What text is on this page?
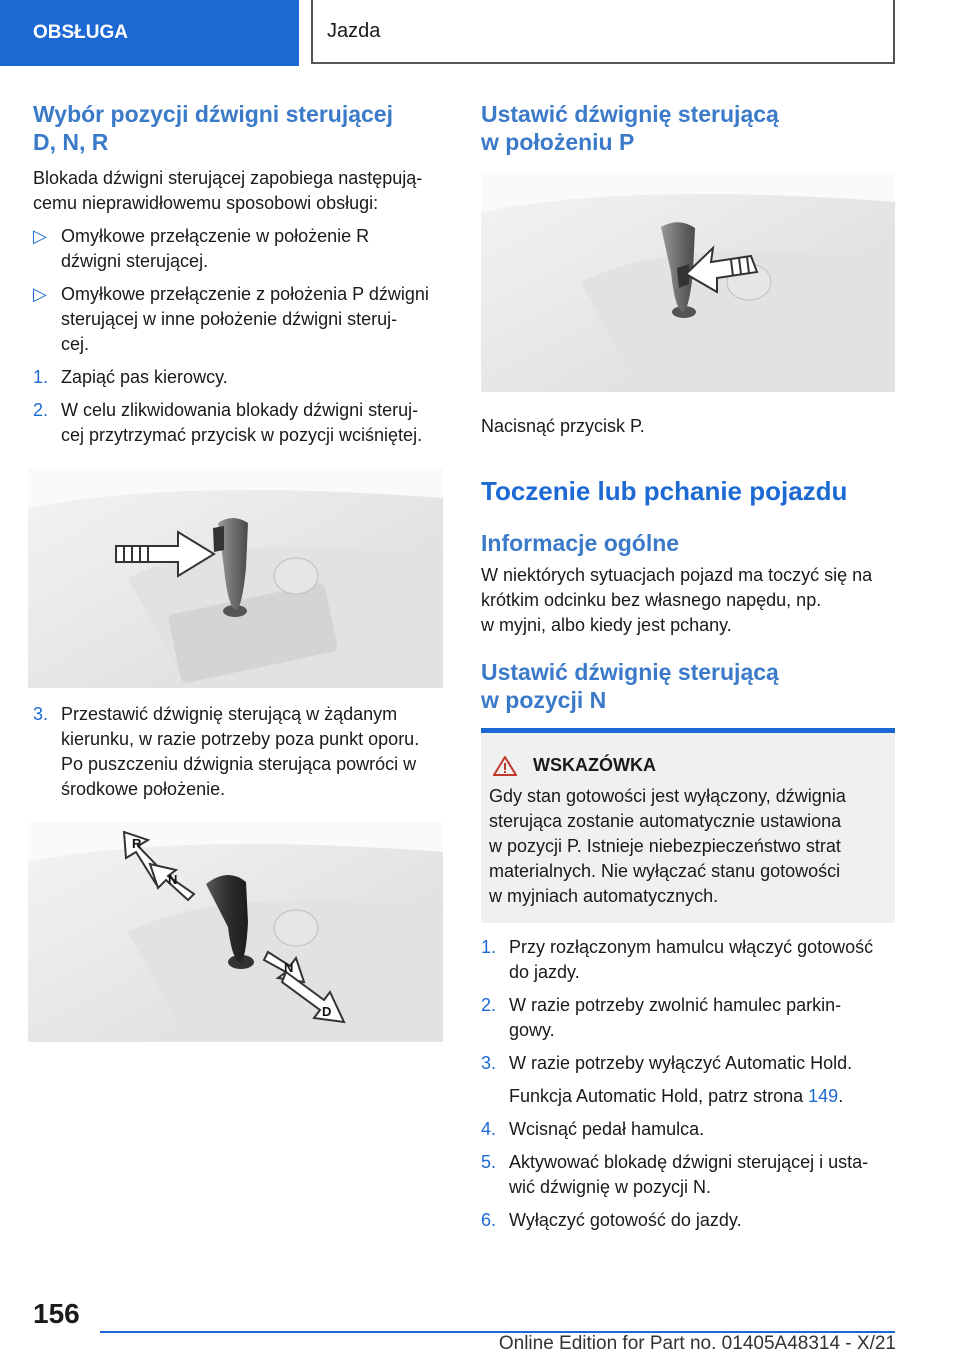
OBSŁUGA	Jazda
Wybór pozycji dźwigni sterującej
D, N, R

Blokada dźwigni sterującej zapobiega następują‐
cemu nieprawidłowemu sposobowi obsługi:

▷ Omyłkowe przełączenie w położenie R
dźwigni sterującej.
▷ Omyłkowe przełączenie z położenia P dźwigni
sterującej w inne położenie dźwigni steruj‐
cej.
1. Zapiąć pas kierowcy.
2. W celu zlikwidowania blokady dźwigni steruj‐
cej przytrzymać przycisk w pozycji wciśniętej.
3. Przestawić dźwignię sterującą w żądanym
kierunku, w razie potrzeby poza punkt oporu.
Po puszczeniu dźwignia sterująca powróci w
środkowe położenie.
R
N
N
D
Ustawić dźwignię sterującą
w położeniu P

Nacisnąć przycisk P.

Toczenie lub pchanie pojazdu
Informacje ogólne

W niektórych sytuacjach pojazd ma toczyć się na
krótkim odcinku bez własnego napędu, np.
w myjni, albo kiedy jest pchany.

Ustawić dźwignię sterującą
w pozycji N
WSKAZÓWKA

Gdy stan gotowości jest wyłączony, dźwignia
sterująca zostanie automatycznie ustawiona
w pozycji P. Istnieje niebezpieczeństwo strat
materialnych. Nie wyłączać stanu gotowości
w myjniach automatycznych.

1. Przy rozłączonym hamulcu włączyć gotowość
do jazdy.
2. W razie potrzeby zwolnić hamulec parkin‐
gowy.
3. W razie potrzeby wyłączyć Automatic Hold.
Funkcja Automatic Hold, patrz strona 149.
4. Wcisnąć pedał hamulca.
5. Aktywować blokadę dźwigni sterującej i usta‐
wić dźwignię w pozycji N.
6. Wyłączyć gotowość do jazdy.
156
Online Edition for Part no. 01405A48314 - X/21
